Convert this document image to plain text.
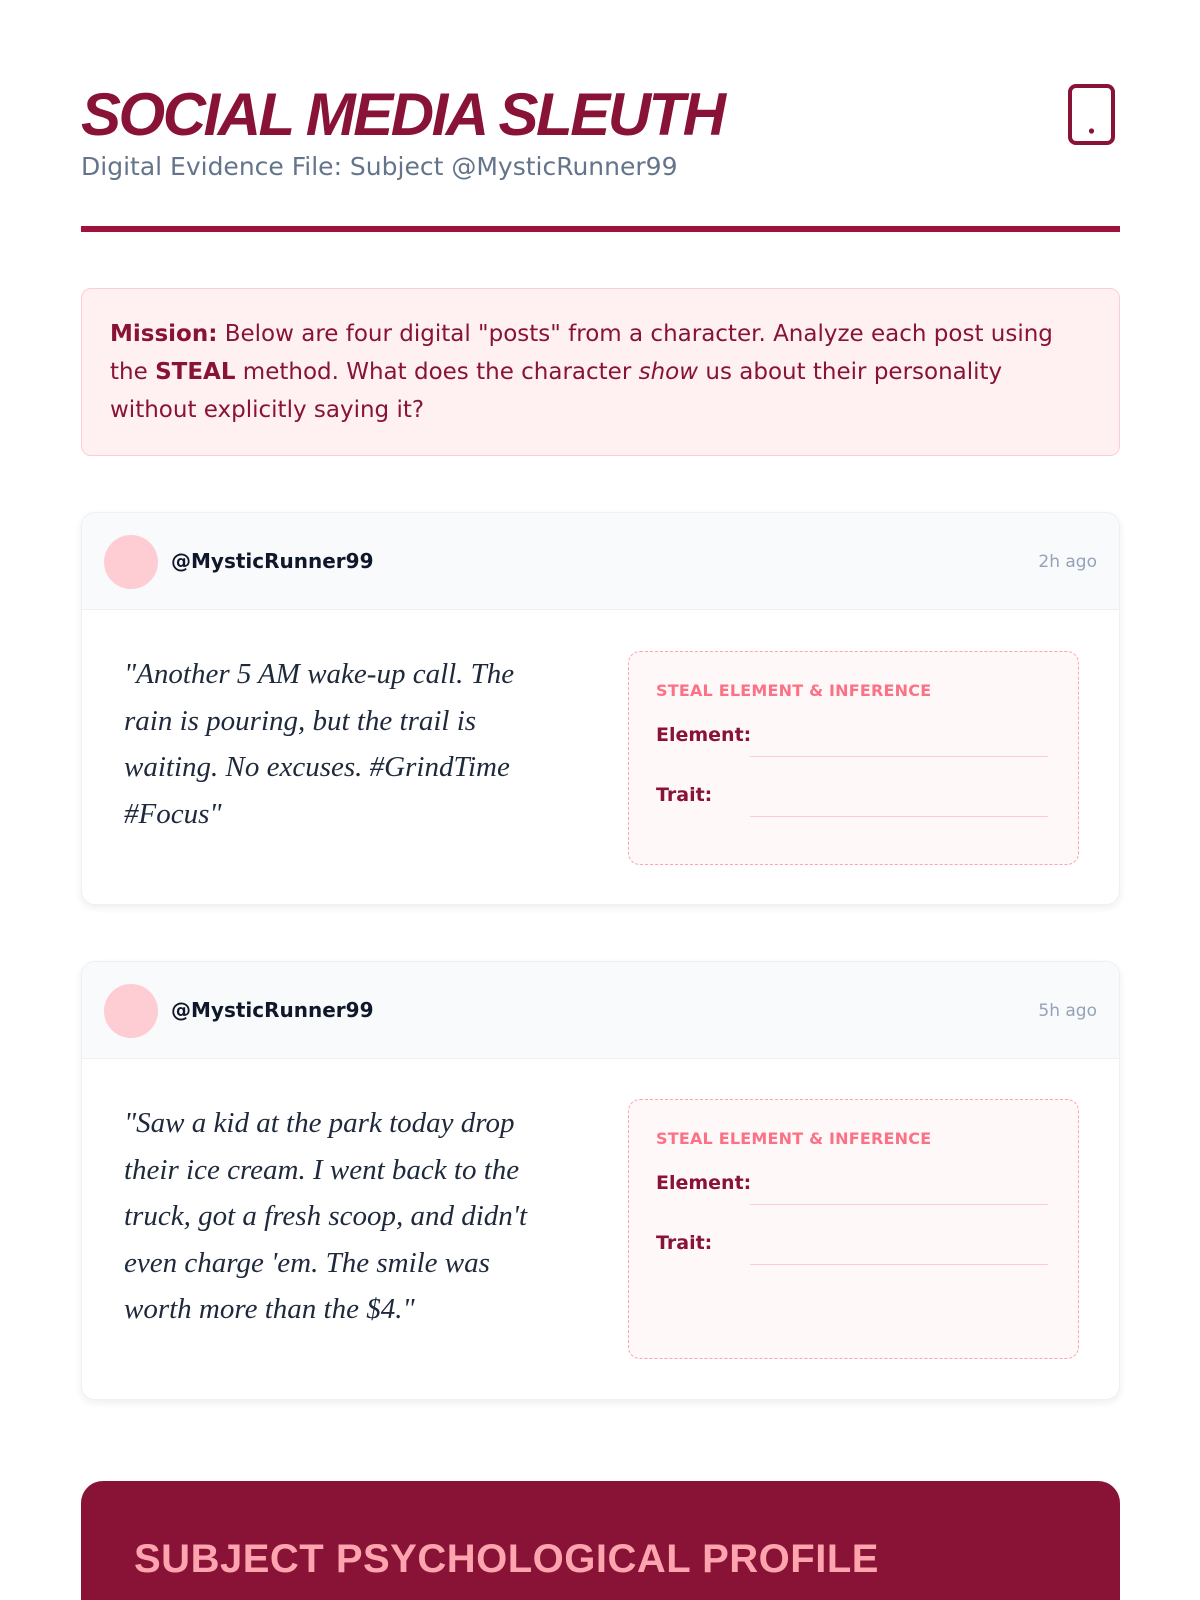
SOCIAL MEDIA SLEUTH
Digital Evidence File: Subject @MysticRunner99
Mission: Below are four digital "posts" from a character. Analyze each post using the STEAL method. What does the character show us about their personality without explicitly saying it?
@MysticRunner99	2h ago
"Another 5 AM wake-up call. The rain is pouring, but the trail is waiting. No excuses. #GrindTime #Focus"
STEAL ELEMENT & INFERENCE
Element:
Trait:
@MysticRunner99	5h ago
"Saw a kid at the park today drop their ice cream. I went back to the truck, got a fresh scoop, and didn't even charge 'em. The smile was worth more than the $4."
STEAL ELEMENT & INFERENCE
Element:
Trait:
SUBJECT PSYCHOLOGICAL PROFILE
